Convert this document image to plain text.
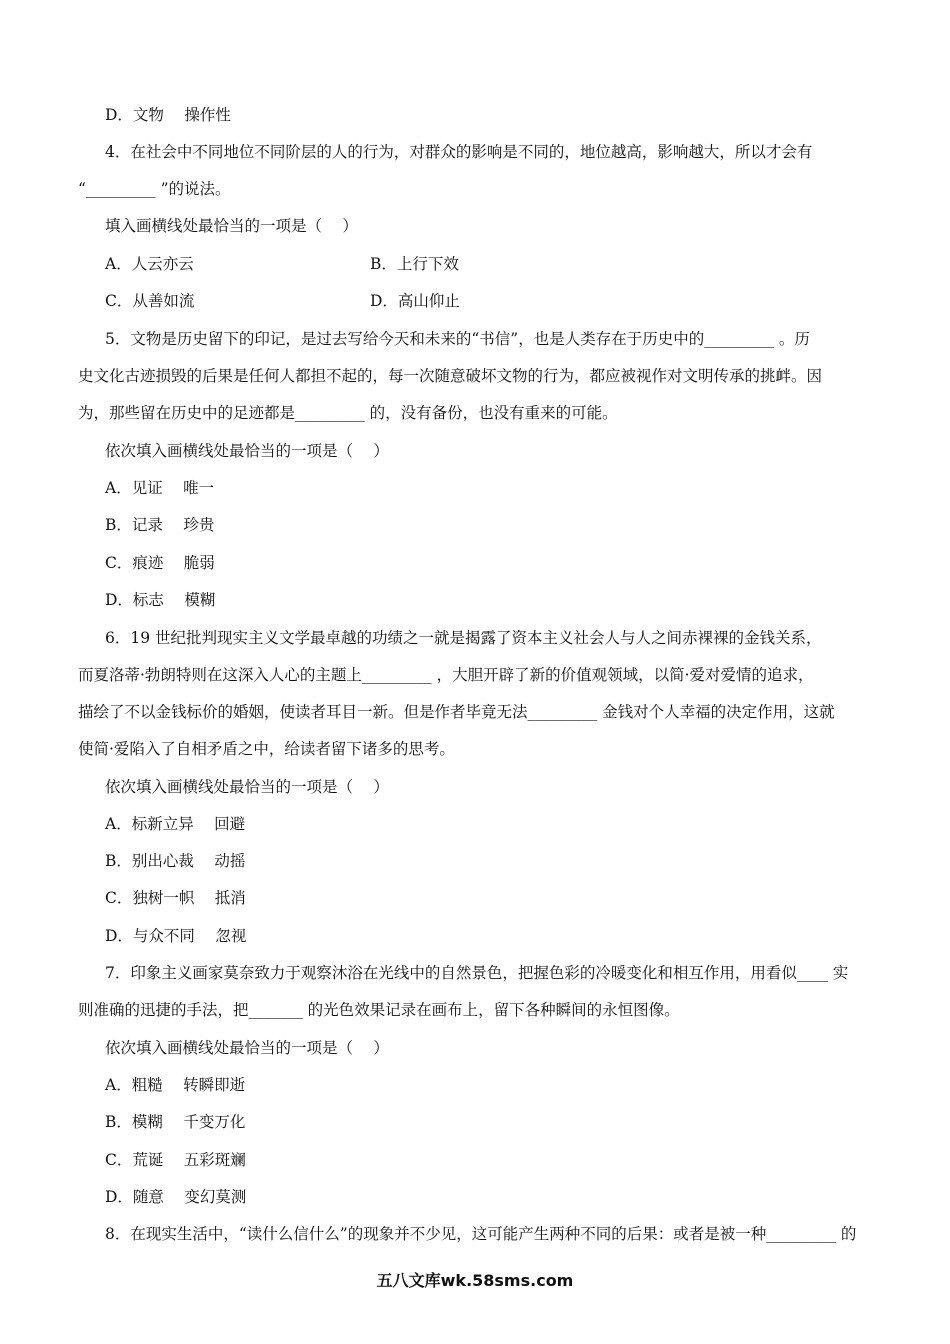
D．文物　 操作性
4．在社会中不同地位不同阶层的人的行为，对群众的影响是不同的，地位越高，影响越大，所以才会有
“_________ ”的说法。
填入画横线处最恰当的一项是（　 ）
A．人云亦云	B．上行下效
C．从善如流	D．高山仰止
5．文物是历史留下的印记，是过去写给今天和未来的“书信”，也是人类存在于历史中的_________ 。历
史文化古迹损毁的后果是任何人都担不起的，每一次随意破坏文物的行为，都应被视作对文明传承的挑衅。因
为，那些留在历史中的足迹都是_________ 的，没有备份，也没有重来的可能。
依次填入画横线处最恰当的一项是（　 ）
A．见证　 唯一
B．记录　 珍贵
C．痕迹　 脆弱
D．标志　 模糊
6．19 世纪批判现实主义文学最卓越的功绩之一就是揭露了资本主义社会人与人之间赤裸裸的金钱关系，
而夏洛蒂·勃朗特则在这深入人心的主题上_________ ，大胆开辟了新的价值观领域，以简·爱对爱情的追求，
描绘了不以金钱标价的婚姻，使读者耳目一新。但是作者毕竟无法_________ 金钱对个人幸福的决定作用，这就
使简·爱陷入了自相矛盾之中，给读者留下诸多的思考。
依次填入画横线处最恰当的一项是（　 ）
A．标新立异　 回避
B．别出心裁　 动摇
C．独树一帜　 抵消
D．与众不同　 忽视
7．印象主义画家莫奈致力于观察沐浴在光线中的自然景色，把握色彩的冷暖变化和相互作用，用看似____ 实
则准确的迅捷的手法，把_______ 的光色效果记录在画布上，留下各种瞬间的永恒图像。
依次填入画横线处最恰当的一项是（　 ）
A．粗糙　 转瞬即逝
B．模糊　 千变万化
C．荒诞　 五彩斑斓
D．随意　 变幻莫测
8．在现实生活中，“读什么信什么”的现象并不少见，这可能产生两种不同的后果：或者是被一种_________ 的
五八文库wk.58sms.com
